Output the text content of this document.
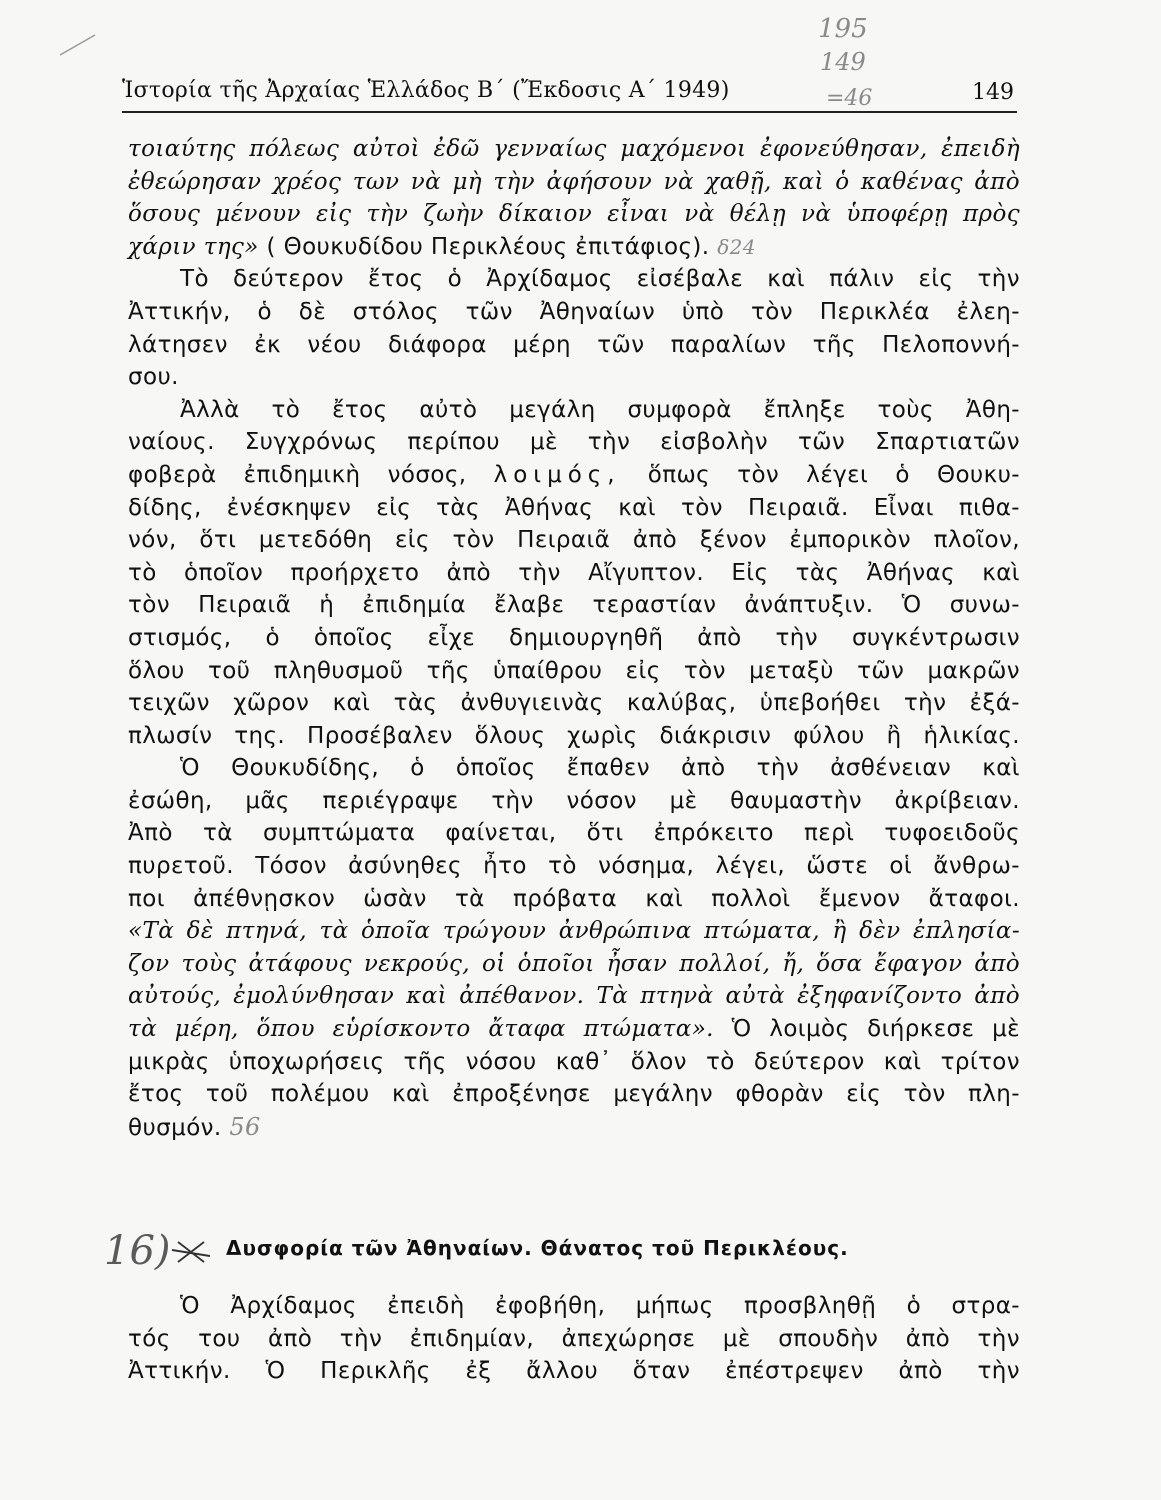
Ἱστορία τῆς Ἀρχαίας Ἑλλάδος Β΄ (Ἔκδοσις Α΄ 1949)	149
195
149
=46
τοιαύτης πόλεως αὐτοὶ ἐδῶ γενναίως μαχόμενοι ἐφονεύθησαν, ἐπειδὴ
ἐθεώρησαν χρέος των νὰ μὴ τὴν ἀφήσουν νὰ χαθῇ, καὶ ὁ καθένας ἀπὸ
ὅσους μένουν εἰς τὴν ζωὴν δίκαιον εἶναι νὰ θέλῃ νὰ ὑποφέρῃ πρὸς
χάριν της» ( Θουκυδίδου Περικλέους ἐπιτάφιος). δ24
Τὸ δεύτερον ἔτος ὁ Ἀρχίδαμος εἰσέβαλε καὶ πάλιν εἰς τὴν
Ἀττικήν, ὁ δὲ στόλος τῶν Ἀθηναίων ὑπὸ τὸν Περικλέα ἐλεη-
λάτησεν ἐκ νέου διάφορα μέρη τῶν παραλίων τῆς Πελοποννή-
σου.
Ἀλλὰ τὸ ἔτος αὐτὸ μεγάλη συμφορὰ ἔπληξε τοὺς Ἀθη-
ναίους. Συγχρόνως περίπου μὲ τὴν εἰσβολὴν τῶν Σπαρτιατῶν
φοβερὰ ἐπιδημικὴ νόσος, λοιμός, ὅπως τὸν λέγει ὁ Θουκυ-
δίδης, ἐνέσκηψεν εἰς τὰς Ἀθήνας καὶ τὸν Πειραιᾶ. Εἶναι πιθα-
νόν, ὅτι μετεδόθη εἰς τὸν Πειραιᾶ ἀπὸ ξένον ἐμπορικὸν πλοῖον,
τὸ ὁποῖον προήρχετο ἀπὸ τὴν Αἴγυπτον. Εἰς τὰς Ἀθήνας καὶ
τὸν Πειραιᾶ ἡ ἐπιδημία ἔλαβε τεραστίαν ἀνάπτυξιν. Ὁ συνω-
στισμός, ὁ ὁποῖος εἶχε δημιουργηθῆ ἀπὸ τὴν συγκέντρωσιν
ὅλου τοῦ πληθυσμοῦ τῆς ὑπαίθρου εἰς τὸν μεταξὺ τῶν μακρῶν
τειχῶν χῶρον καὶ τὰς ἀνθυγιεινὰς καλύβας, ὑπεβοήθει τὴν ἐξά-
πλωσίν της. Προσέβαλεν ὅλους χωρὶς διάκρισιν φύλου ἢ ἡλικίας.
Ὁ Θουκυδίδης, ὁ ὁποῖος ἔπαθεν ἀπὸ τὴν ἀσθένειαν καὶ
ἐσώθη, μᾶς περιέγραψε τὴν νόσον μὲ θαυμαστὴν ἀκρίβειαν.
Ἀπὸ τὰ συμπτώματα φαίνεται, ὅτι ἐπρόκειτο περὶ τυφοειδοῦς
πυρετοῦ. Τόσον ἀσύνηθες ἦτο τὸ νόσημα, λέγει, ὥστε οἱ ἄνθρω-
ποι ἀπέθνῃσκον ὡσὰν τὰ πρόβατα καὶ πολλοὶ ἔμενον ἄταφοι.
«Τὰ δὲ πτηνά, τὰ ὁποῖα τρώγουν ἀνθρώπινα πτώματα, ἢ δὲν ἐπλησία-
ζον τοὺς ἀτάφους νεκρούς, οἱ ὁποῖοι ἦσαν πολλοί, ἤ, ὅσα ἔφαγον ἀπὸ
αὐτούς, ἐμολύνθησαν καὶ ἀπέθανον. Τὰ πτηνὰ αὐτὰ ἐξηφανίζοντο ἀπὸ
τὰ μέρη, ὅπου εὑρίσκοντο ἄταφα πτώματα». Ὁ λοιμὸς διήρκεσε μὲ
μικρὰς ὑποχωρήσεις τῆς νόσου καθ᾽ ὅλον τὸ δεύτερον καὶ τρίτον
ἔτος τοῦ πολέμου καὶ ἐπροξένησε μεγάλην φθορὰν εἰς τὸν πλη-
θυσμόν. 56
16)	Δυσφορία τῶν Ἀθηναίων. Θάνατος τοῦ Περικλέους.
Ὁ Ἀρχίδαμος ἐπειδὴ ἐφοβήθη, μήπως προσβληθῇ ὁ στρα-
τός του ἀπὸ τὴν ἐπιδημίαν, ἀπεχώρησε μὲ σπουδὴν ἀπὸ τὴν
Ἀττικήν. Ὁ Περικλῆς ἐξ ἄλλου ὅταν ἐπέστρεψεν ἀπὸ τὴν
